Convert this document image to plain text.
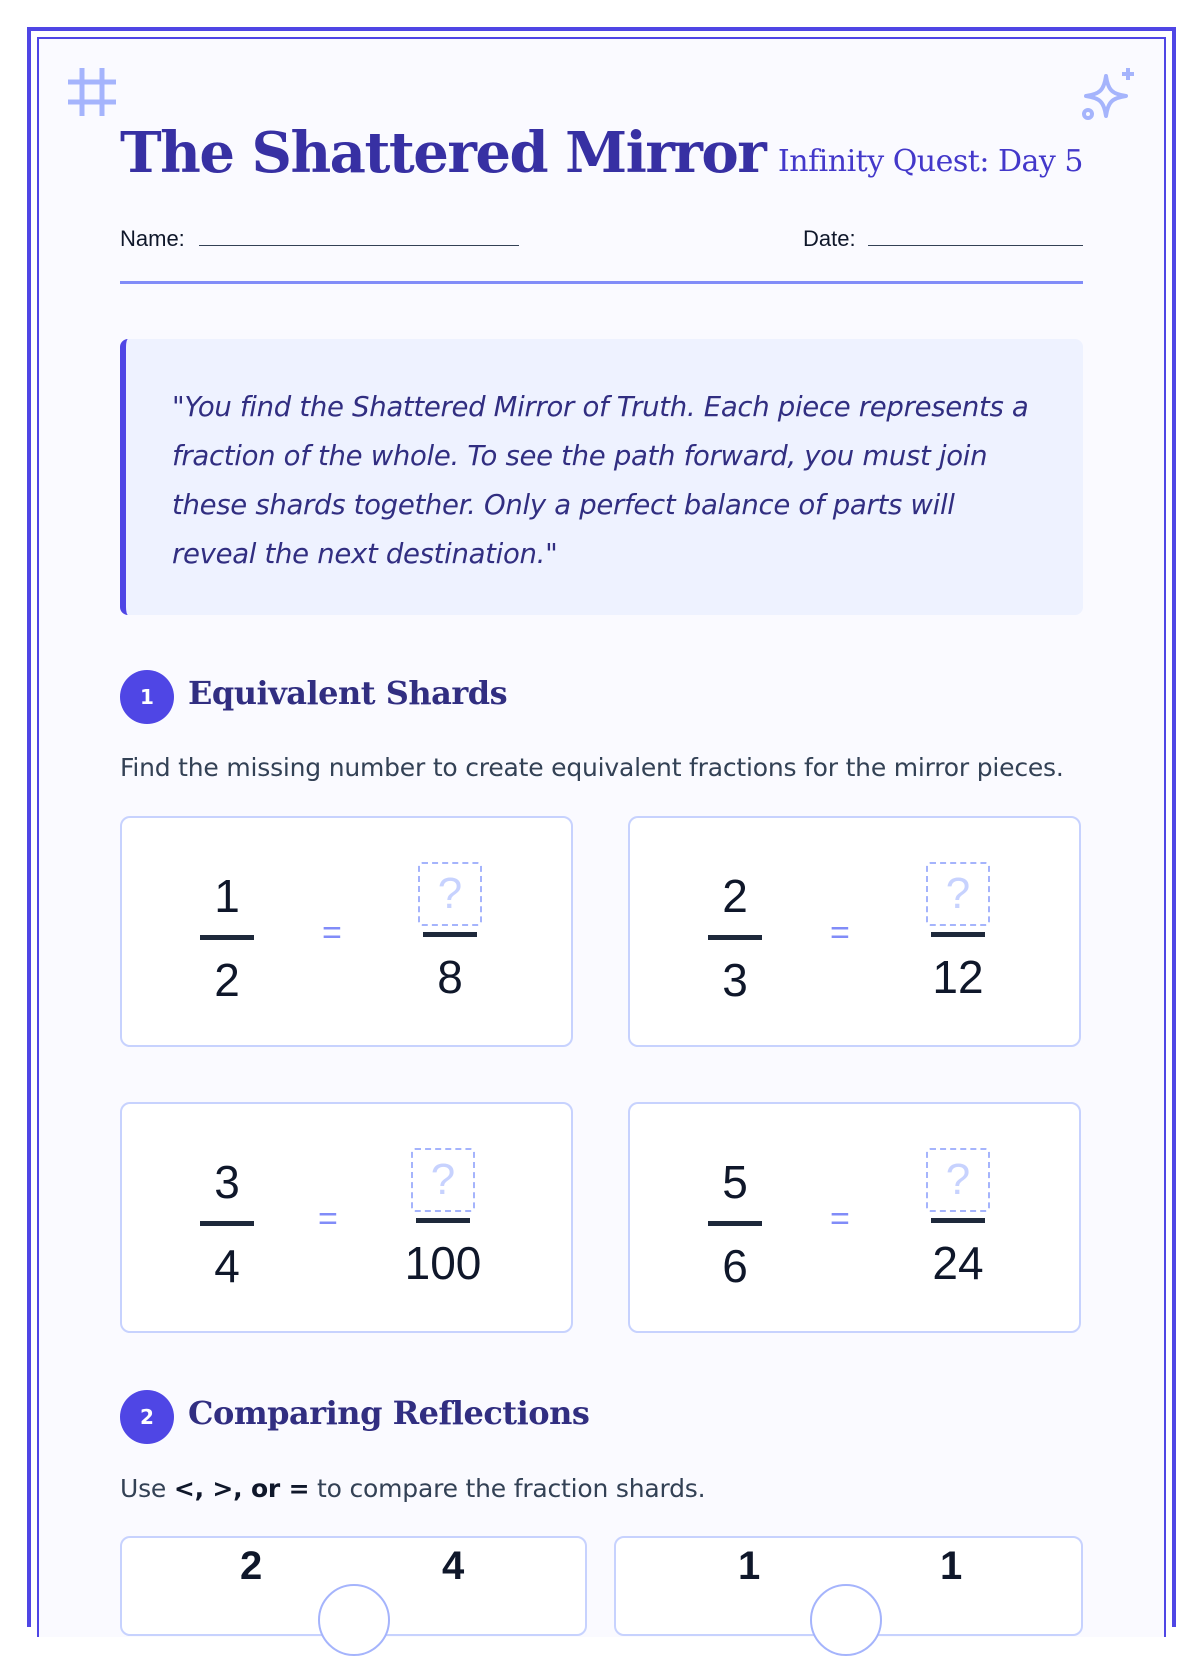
The Shattered Mirror Infinity Quest: Day 5
Name:	Date:

"You find the Shattered Mirror of Truth. Each piece represents a fraction of the whole. To see the path forward, you must join these shards together. Only a perfect balance of parts will reveal the next destination."

1	Equivalent Shards

Find the missing number to create equivalent fractions for the mirror pieces.

1
2
=
?
8
2
3
=
?
12
3
4
=
?
100
5
6
=
?
24
2	Comparing Reflections

Use <, >, or = to compare the fraction shards.

2	4	1	1
